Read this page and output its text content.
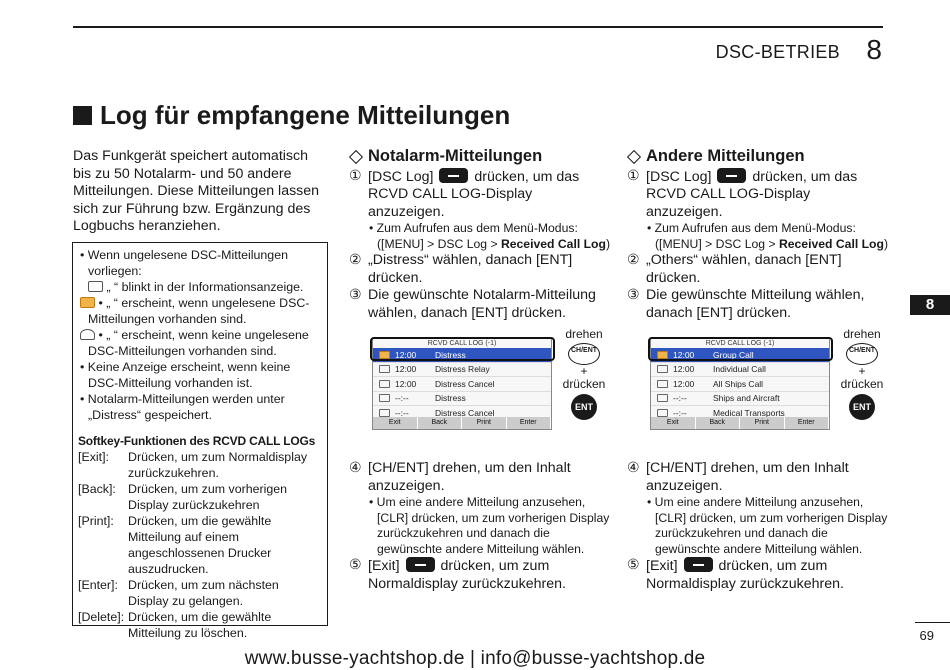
DSC-BETRIEB 8
Log für empfangene Mitteilungen
Das Funkgerät speichert automatisch bis zu 50 Notalarm- und 50 andere Mitteilungen. Diese Mitteilungen lassen sich zur Führung bzw. Ergänzung des Logbuchs heranziehen.
• Wenn ungelesene DSC-Mitteilungen vorliegen:
„ “ blinkt in der Informationsanzeige.
• „ “ erscheint, wenn ungelesene DSC-Mitteilungen vorhanden sind.
• „ “ erscheint, wenn keine ungelesene DSC-Mitteilungen vorhanden sind.
• Keine Anzeige erscheint, wenn keine DSC-Mitteilung vorhanden ist.
• Notalarm-Mitteilungen werden unter „Distress“ gespeichert.
Softkey-Funktionen des RCVD CALL LOGs
[Exit]:	Drücken, um zum Normaldisplay zurückzukehren.
[Back]: Drücken, um zum vorherigen Display zurückzukehren
[Print]:	Drücken, um die gewählte Mitteilung auf einem angeschlossenen Drucker auszudrucken.
[Enter]: Drücken, um zum nächsten Display zu gelangen.
[Delete]: Drücken, um die gewählte Mitteilung zu löschen.
Notalarm-Mitteilungen
① [DSC Log]	drücken, um das RCVD CALL LOG-Display anzuzeigen.
• Zum Aufrufen aus dem Menü-Modus:
([MENU] > DSC Log > Received Call Log)
② „Distress“ wählen, danach [ENT] drücken.
③ Die gewünschte Notalarm-Mitteilung wählen, danach [ENT] drücken.
RCVD CALL LOG (-1)
12:00	Distress
12:00	Distress Relay
12:00	Distress Cancel
--:--	Distress
--:--	Distress Cancel
Exit	Back	Print	Enter
drehen
CH/ENT
+
drücken
ENT
④ [CH/ENT] drehen, um den Inhalt anzuzeigen.
• Um eine andere Mitteilung anzusehen, [CLR] drücken, um zum vorherigen Display zurückzukehren und danach die gewünschte andere Mitteilung wählen.
⑤ [Exit]	drücken, um zum Normaldisplay zurückzukehren.
Andere Mitteilungen
① [DSC Log]	drücken, um das RCVD CALL LOG-Display anzuzeigen.
• Zum Aufrufen aus dem Menü-Modus:
([MENU] > DSC Log > Received Call Log)
② „Others“ wählen, danach [ENT] drücken.
③ Die gewünschte Mitteilung wählen, danach [ENT] drücken.
RCVD CALL LOG (-1)
12:00	Group Call
12:00	Individual Call
12:00	All Ships Call
--:--	Ships and Aircraft
--:--	Medical Transports
Exit	Back	Print	Enter
drehen
CH/ENT
+
drücken
ENT
④ [CH/ENT] drehen, um den Inhalt anzuzeigen.
• Um eine andere Mitteilung anzusehen, [CLR] drücken, um zum vorherigen Display zurückzukehren und danach die gewünschte andere Mitteilung wählen.
⑤ [Exit]	drücken, um zum Normaldisplay zurückzukehren.
8
69
www.busse-yachtshop.de | info@busse-yachtshop.de
